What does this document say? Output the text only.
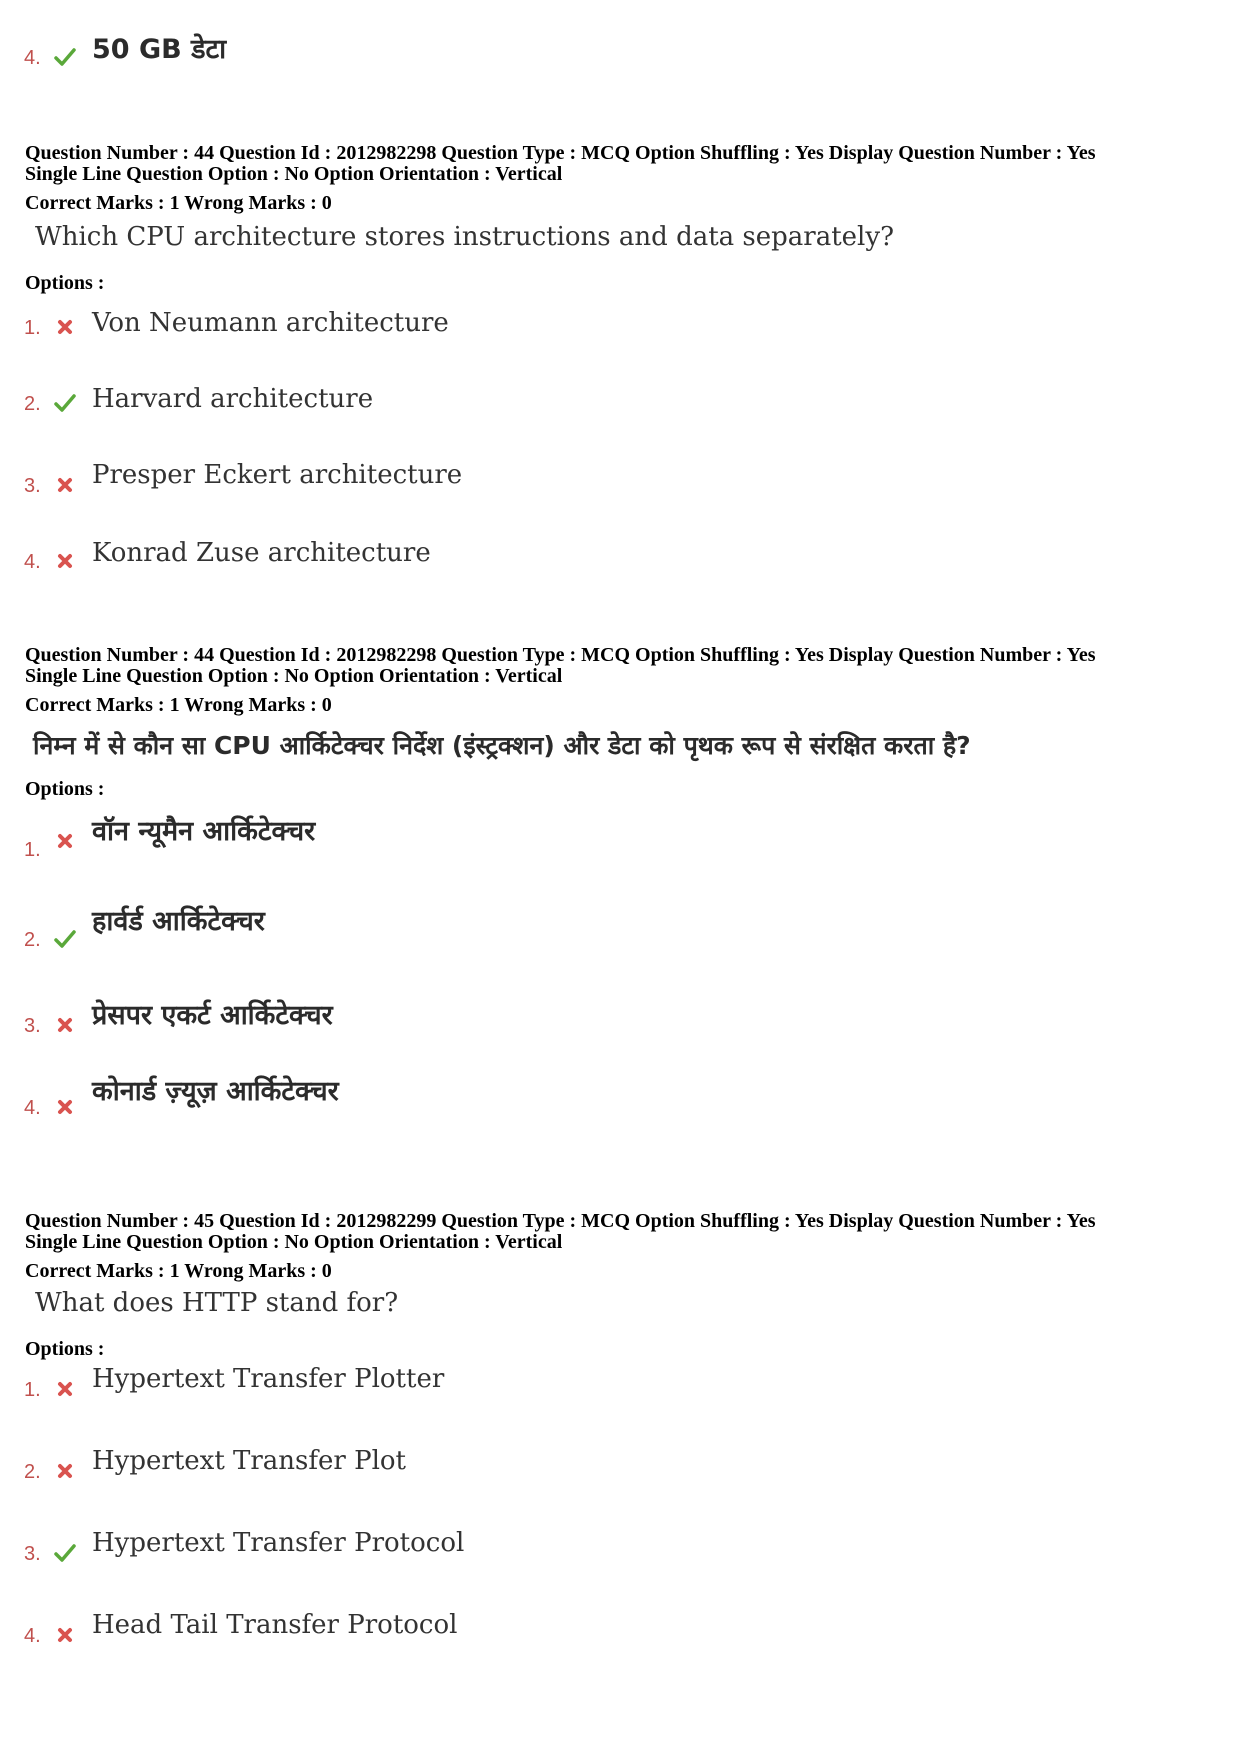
4. 50 GB डेटा
Question Number : 44 Question Id : 2012982298 Question Type : MCQ Option Shuffling : Yes Display Question Number : Yes
Single Line Question Option : No Option Orientation : Vertical
Correct Marks : 1 Wrong Marks : 0
Which CPU architecture stores instructions and data separately?
Options :
1. Von Neumann architecture
2. Harvard architecture
3. Presper Eckert architecture
4. Konrad Zuse architecture
Question Number : 44 Question Id : 2012982298 Question Type : MCQ Option Shuffling : Yes Display Question Number : Yes
Single Line Question Option : No Option Orientation : Vertical
Correct Marks : 1 Wrong Marks : 0
निम्न में से कौन सा CPU आर्किटेक्चर निर्देश (इंस्ट्रक्शन) और डेटा को पृथक रूप से संरक्षित करता है?
Options :
1.
वॉन न्यूमैन आर्किटेक्चर
2.
हार्वर्ड आर्किटेक्चर
3. प्रेसपर एकर्ट आर्किटेक्चर
4.
कोनार्ड ज़्यूज़ आर्किटेक्चर
Question Number : 45 Question Id : 2012982299 Question Type : MCQ Option Shuffling : Yes Display Question Number : Yes
Single Line Question Option : No Option Orientation : Vertical
Correct Marks : 1 Wrong Marks : 0
What does HTTP stand for?
Options :
1. Hypertext Transfer Plotter
2. Hypertext Transfer Plot
3. Hypertext Transfer Protocol
4. Head Tail Transfer Protocol
